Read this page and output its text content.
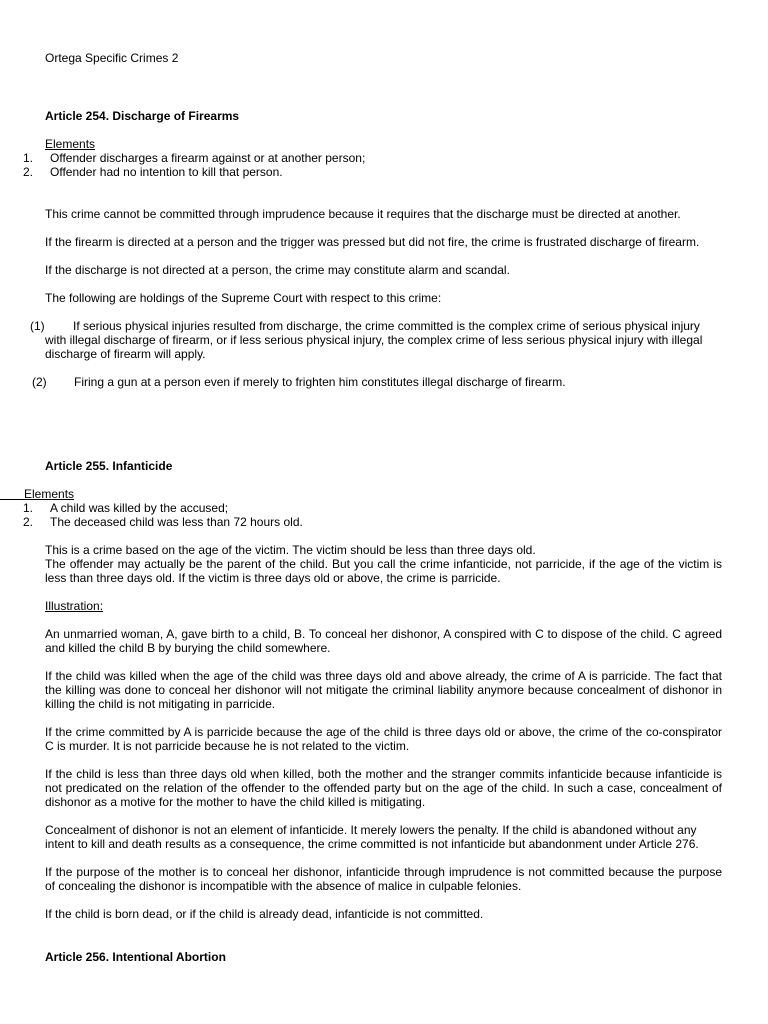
Ortega Specific Crimes 2
Article 254. Discharge of Firearms
Elements
1. Offender discharges a firearm against or at another person;
2. Offender had no intention to kill that person.
This crime cannot be committed through imprudence because it requires that the discharge must be directed at another.
If the firearm is directed at a person and the trigger was pressed but did not fire, the crime is frustrated discharge of firearm.
If the discharge is not directed at a person, the crime may constitute alarm and scandal.
The following are holdings of the Supreme Court with respect to this crime:
(1)	If serious physical injuries resulted from discharge, the crime committed is the complex crime of serious physical injury with illegal discharge of firearm, or if less serious physical injury, the complex crime of less serious physical injury with illegal discharge of firearm will apply.
(2) Firing a gun at a person even if merely to frighten him constitutes illegal discharge of firearm.
Article 255. Infanticide
Elements
1. A child was killed by the accused;
2. The deceased child was less than 72 hours old.
This is a crime based on the age of the victim. The victim should be less than three days old.
The offender may actually be the parent of the child. But you call the crime infanticide, not parricide, if the age of the victim is less than three days old. If the victim is three days old or above, the crime is parricide.
Illustration:
An unmarried woman, A, gave birth to a child, B. To conceal her dishonor, A conspired with C to dispose of the child. C agreed and killed the child B by burying the child somewhere.
If the child was killed when the age of the child was three days old and above already, the crime of A is parricide. The fact that the killing was done to conceal her dishonor will not mitigate the criminal liability anymore because concealment of dishonor in killing the child is not mitigating in parricide.
If the crime committed by A is parricide because the age of the child is three days old or above, the crime of the co-conspirator C is murder. It is not parricide because he is not related to the victim.
If the child is less than three days old when killed, both the mother and the stranger commits infanticide because infanticide is not predicated on the relation of the offender to the offended party but on the age of the child. In such a case, concealment of dishonor as a motive for the mother to have the child killed is mitigating.
Concealment of dishonor is not an element of infanticide. It merely lowers the penalty. If the child is abandoned without any intent to kill and death results as a consequence, the crime committed is not infanticide but abandonment under Article 276.
If the purpose of the mother is to conceal her dishonor, infanticide through imprudence is not committed because the purpose of concealing the dishonor is incompatible with the absence of malice in culpable felonies.
If the child is born dead, or if the child is already dead, infanticide is not committed.
Article 256. Intentional Abortion
